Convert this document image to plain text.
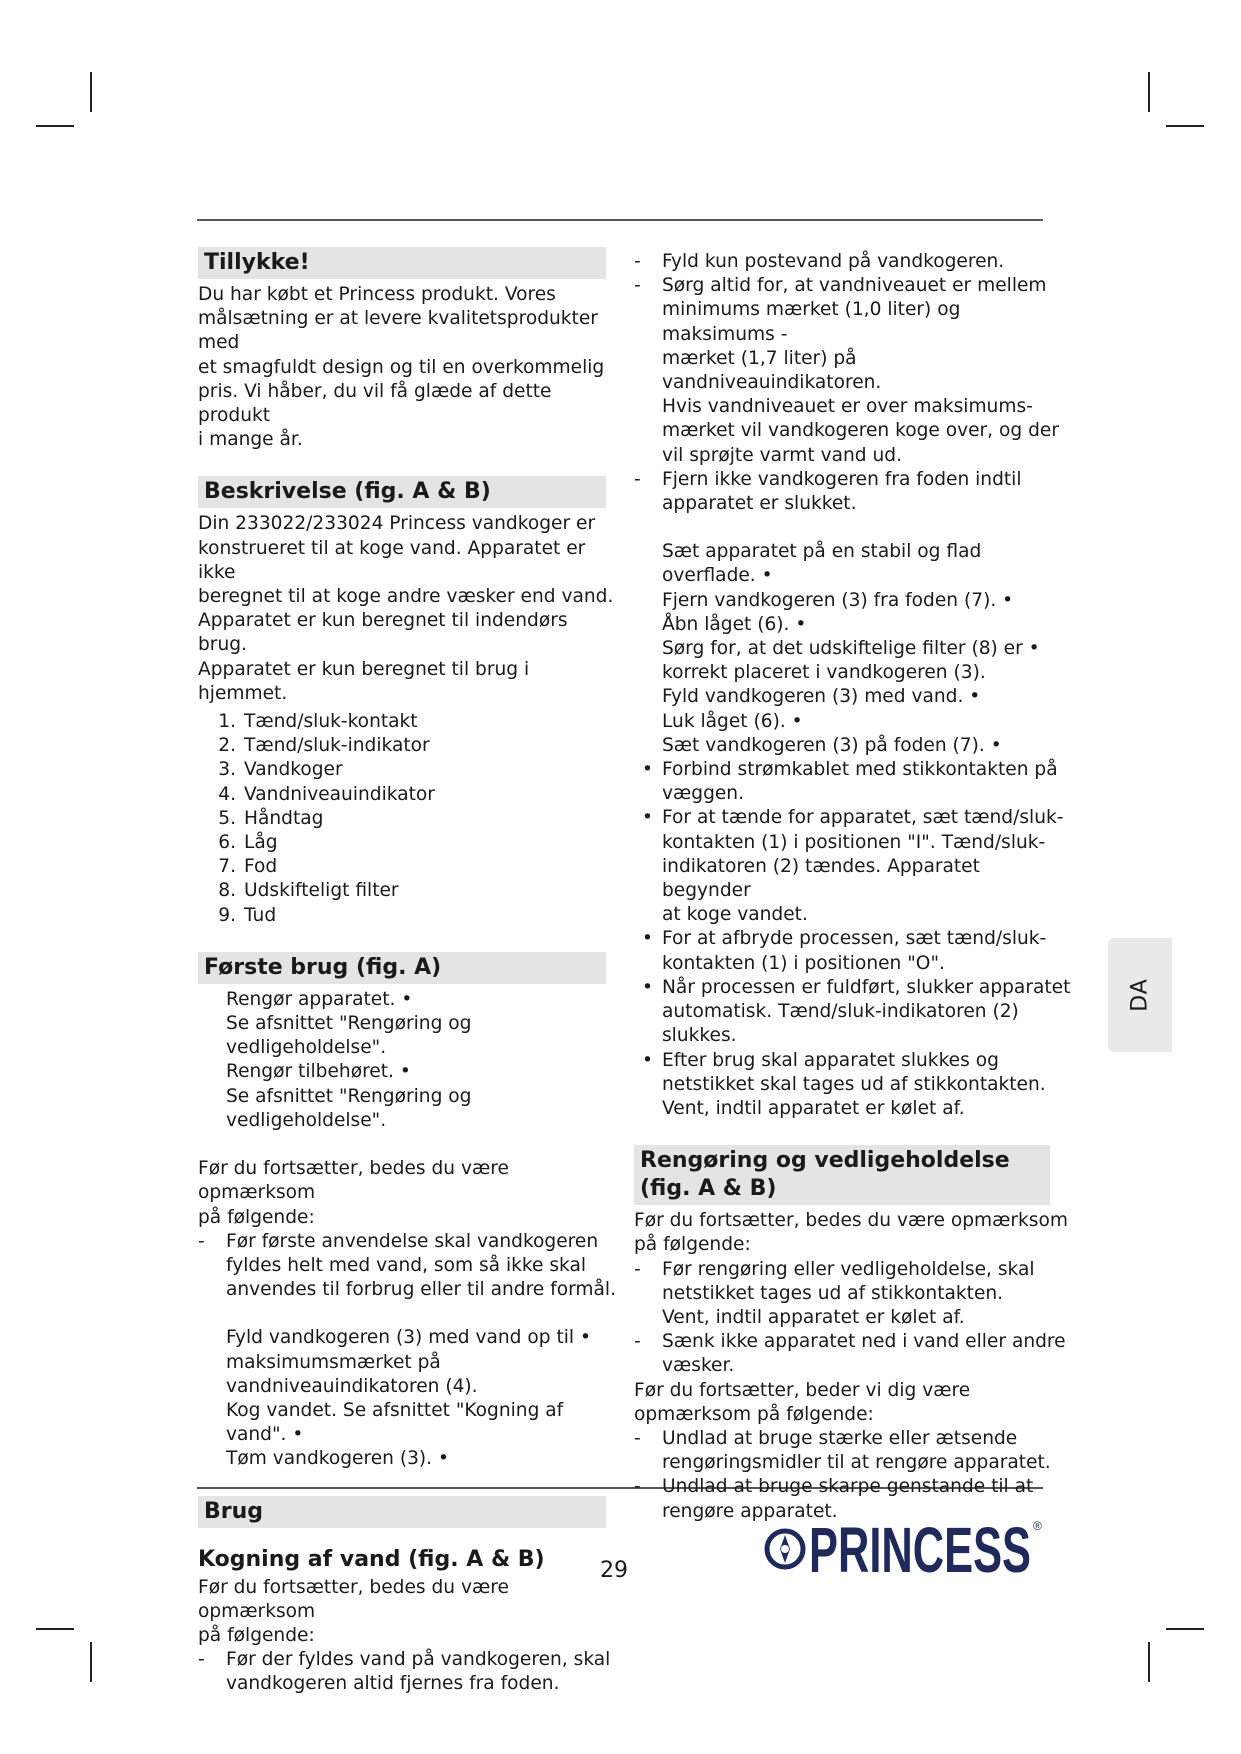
Tillykke!

Du har købt et Princess produkt. Vores

målsætning er at levere kvalitetsprodukter med

et smagfuldt design og til en overkommelig

pris. Vi håber, du vil få glæde af dette produkt

i mange år.

Beskrivelse (fig. A & B)

Din 233022/233024 Princess vandkoger er

konstrueret til at koge vand. Apparatet er ikke

beregnet til at koge andre væsker end vand.

Apparatet er kun beregnet til indendørs brug.

Apparatet er kun beregnet til brug i hjemmet.

1. Tænd/sluk-kontakt
2. Tænd/sluk-indikator
3. Vandkoger
4. Vandniveauindikator
5. Håndtag
6. Låg
7. Fod
8. Udskifteligt filter
9. Tud
Første brug (fig. A)

Rengør apparatet. •

Se afsnittet "Rengøring og vedligeholdelse".

Rengør tilbehøret. •

Se afsnittet "Rengøring og vedligeholdelse".

Før du fortsætter, bedes du være opmærksom

på følgende:

- Før første anvendelse skal vandkogeren
fyldes helt med vand, som så ikke skal
anvendes til forbrug eller til andre formål.

Fyld vandkogeren (3) med vand op til •

maksimumsmærket på

vandniveauindikatoren (4).

Kog vandet. Se afsnittet "Kogning af vand". •

Tøm vandkogeren (3). •

Brug
Kogning af vand (fig. A & B)

Før du fortsætter, bedes du være opmærksom

på følgende:

- Før der fyldes vand på vandkogeren, skal
vandkogeren altid fjernes fra foden.
- Fyld kun postevand på vandkogeren.
- Sørg altid for, at vandniveauet er mellem
minimums mærket (1,0 liter) og maksimums -
mærket (1,7 liter) på vandniveauindikatoren.
Hvis vandniveauet er over maksimums-
mærket vil vandkogeren koge over, og der
vil sprøjte varmt vand ud.
- Fjern ikke vandkogeren fra foden indtil
apparatet er slukket.

Sæt apparatet på en stabil og flad overflade. •

Fjern vandkogeren (3) fra foden (7). •

Åbn låget (6). •

Sørg for, at det udskiftelige filter (8) er •

korrekt placeret i vandkogeren (3).

Fyld vandkogeren (3) med vand. •

Luk låget (6). •

Sæt vandkogeren (3) på foden (7). •

• Forbind strømkablet med stikkontakten på
væggen.
• For at tænde for apparatet, sæt tænd/sluk-
kontakten (1) i positionen "I". Tænd/sluk-
indikatoren (2) tændes. Apparatet begynder
at koge vandet.
• For at afbryde processen, sæt tænd/sluk-
kontakten (1) i positionen "O".
• Når processen er fuldført, slukker apparatet
automatisk. Tænd/sluk-indikatoren (2)
slukkes.
• Efter brug skal apparatet slukkes og
netstikket skal tages ud af stikkontakten.
Vent, indtil apparatet er kølet af.
Rengøring og vedligeholdelse
(fig. A & B)

Før du fortsætter, bedes du være opmærksom

på følgende:

- Før rengøring eller vedligeholdelse, skal
netstikket tages ud af stikkontakten.
Vent, indtil apparatet er kølet af.
- Sænk ikke apparatet ned i vand eller andre
væsker.

Før du fortsætter, beder vi dig være

opmærksom på følgende:

- Undlad at bruge stærke eller ætsende
rengøringsmidler til at rengøre apparatet.
- Undlad at bruge skarpe genstande til at
rengøre apparatet.
DA
29	PRINCESS ®
